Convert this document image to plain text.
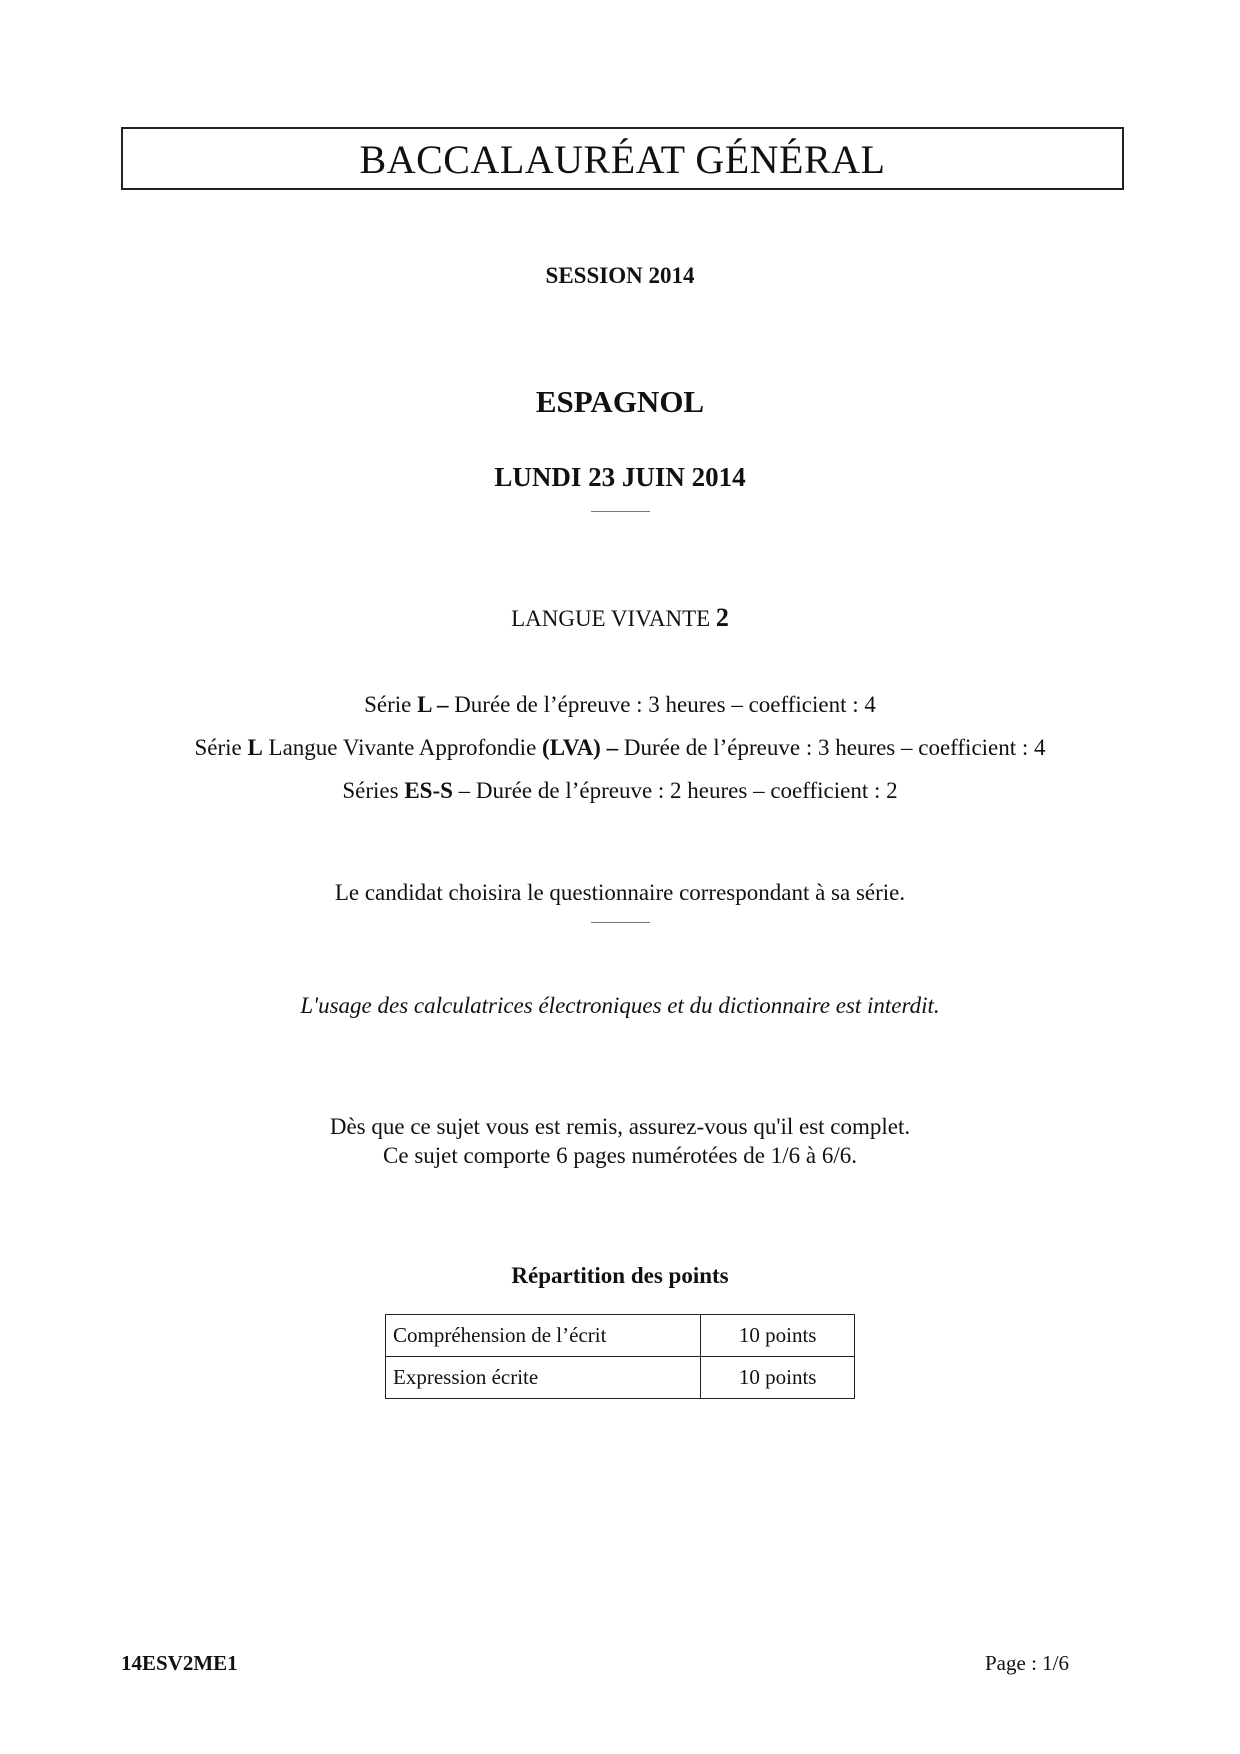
BACCALAURÉAT GÉNÉRAL
SESSION 2014
ESPAGNOL
LUNDI 23 JUIN 2014
LANGUE VIVANTE 2
Série L – Durée de l’épreuve : 3 heures – coefficient : 4
Série L Langue Vivante Approfondie (LVA) – Durée de l’épreuve : 3 heures – coefficient : 4
Séries ES-S – Durée de l’épreuve : 2 heures – coefficient : 2
Le candidat choisira le questionnaire correspondant à sa série.
L'usage des calculatrices électroniques et du dictionnaire est interdit.
Dès que ce sujet vous est remis, assurez-vous qu'il est complet.
Ce sujet comporte 6 pages numérotées de 1/6 à 6/6.
Répartition des points
Compréhension de l’écrit	10 points
Expression écrite	10 points
14ESV2ME1	Page : 1/6
